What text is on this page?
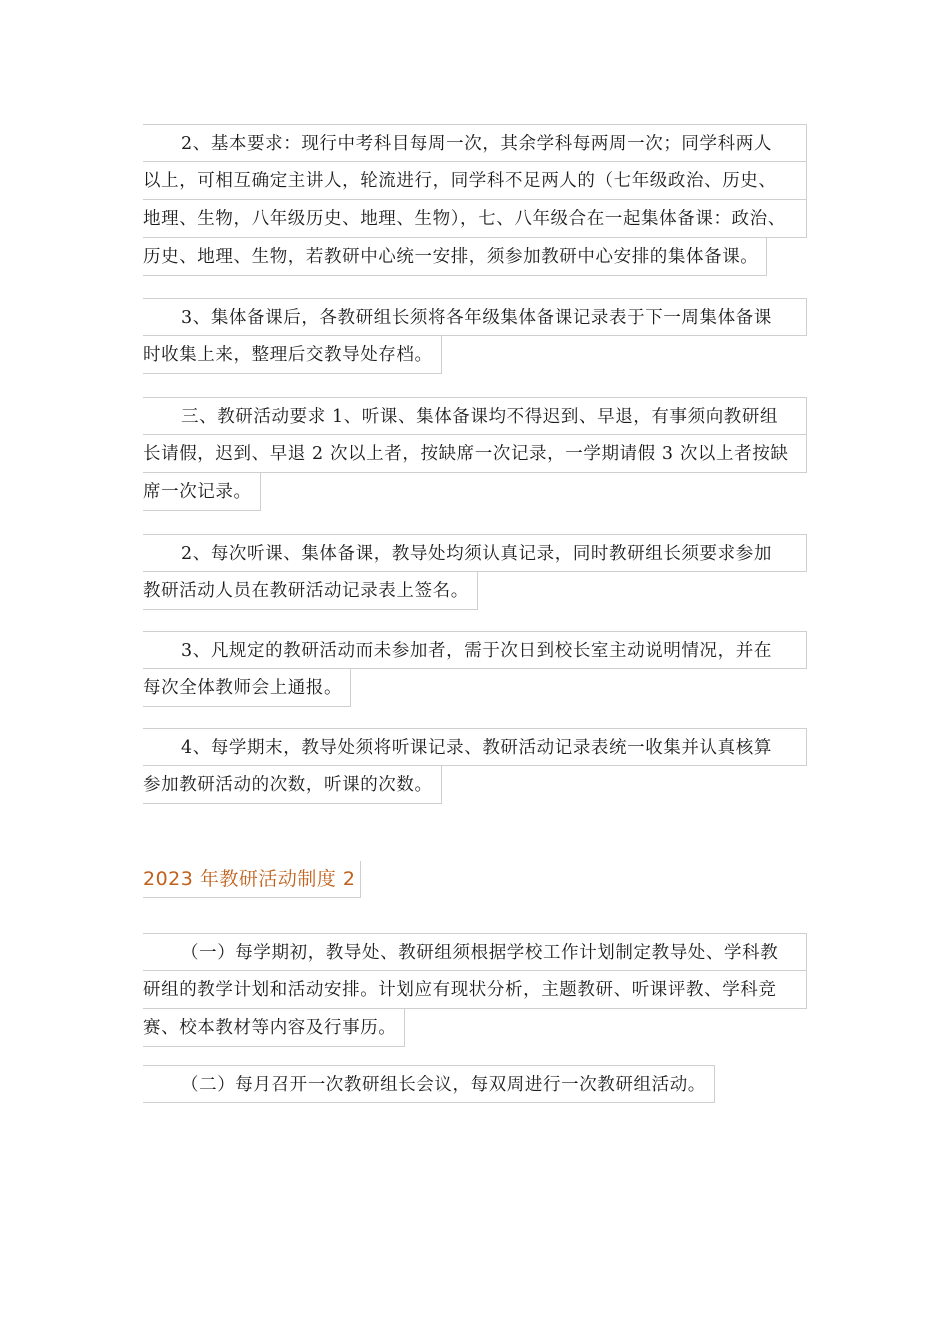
2、基本要求：现行中考科目每周一次，其余学科每两周一次；同学科两人
以上，可相互确定主讲人，轮流进行，同学科不足两人的（七年级政治、历史、
地理、生物，八年级历史、地理、生物），七、八年级合在一起集体备课：政治、
历史、地理、生物，若教研中心统一安排，须参加教研中心安排的集体备课。
3、集体备课后，各教研组长须将各年级集体备课记录表于下一周集体备课
时收集上来，整理后交教导处存档。
三、教研活动要求 1、听课、集体备课均不得迟到、早退，有事须向教研组
长请假，迟到、早退 2 次以上者，按缺席一次记录，一学期请假 3 次以上者按缺
席一次记录。
2、每次听课、集体备课，教导处均须认真记录，同时教研组长须要求参加
教研活动人员在教研活动记录表上签名。
3、凡规定的教研活动而未参加者，需于次日到校长室主动说明情况，并在
每次全体教师会上通报。
4、每学期末，教导处须将听课记录、教研活动记录表统一收集并认真核算
参加教研活动的次数，听课的次数。
2023 年教研活动制度 2
（一）每学期初，教导处、教研组须根据学校工作计划制定教导处、学科教
研组的教学计划和活动安排。计划应有现状分析，主题教研、听课评教、学科竞
赛、校本教材等内容及行事历。
（二）每月召开一次教研组长会议，每双周进行一次教研组活动。
